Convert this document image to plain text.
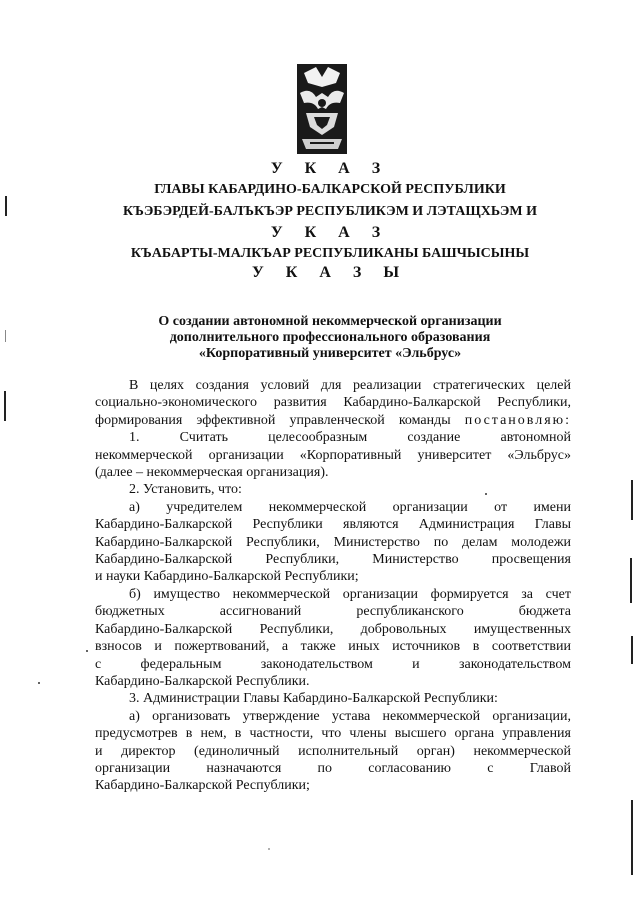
У К А З
ГЛАВЫ КАБАРДИНО-БАЛКАРСКОЙ РЕСПУБЛИКИ
КЪЭБЭРДЕЙ-БАЛЪКЪЭР РЕСПУБЛИКЭМ И ЛЭТАЩХЬЭМ И
У К А З
КЪАБАРТЫ-МАЛКЪАР РЕСПУБЛИКАНЫ БАШЧЫСЫНЫ
У К А З Ы
О создании автономной некоммерческой организации
дополнительного профессионального образования
«Корпоративный университет «Эльбрус»

В целях создания условий для реализации стратегических целей

социально-экономического развития Кабардино-Балкарской Республики,

формирования эффективной управленческой команды постановляю:

1. Считать целесообразным создание автономной

некоммерческой организации «Корпоративный университет «Эльбрус»

(далее – некоммерческая организация).

2. Установить, что:

а) учредителем некоммерческой организации от имени

Кабардино-Балкарской Республики являются Администрация Главы

Кабардино-Балкарской Республики, Министерство по делам молодежи

Кабардино-Балкарской Республики, Министерство просвещения

и науки Кабардино-Балкарской Республики;

б) имущество некоммерческой организации формируется за счет

бюджетных ассигнований республиканского бюджета

Кабардино-Балкарской Республики, добровольных имущественных

взносов и пожертвований, а также иных источников в соответствии

с федеральным законодательством и законодательством

Кабардино-Балкарской Республики.

3. Администрации Главы Кабардино-Балкарской Республики:

а) организовать утверждение устава некоммерческой организации,

предусмотрев в нем, в частности, что члены высшего органа управления

и директор (единоличный исполнительный орган) некоммерческой

организации назначаются по согласованию с Главой

Кабардино-Балкарской Республики;
